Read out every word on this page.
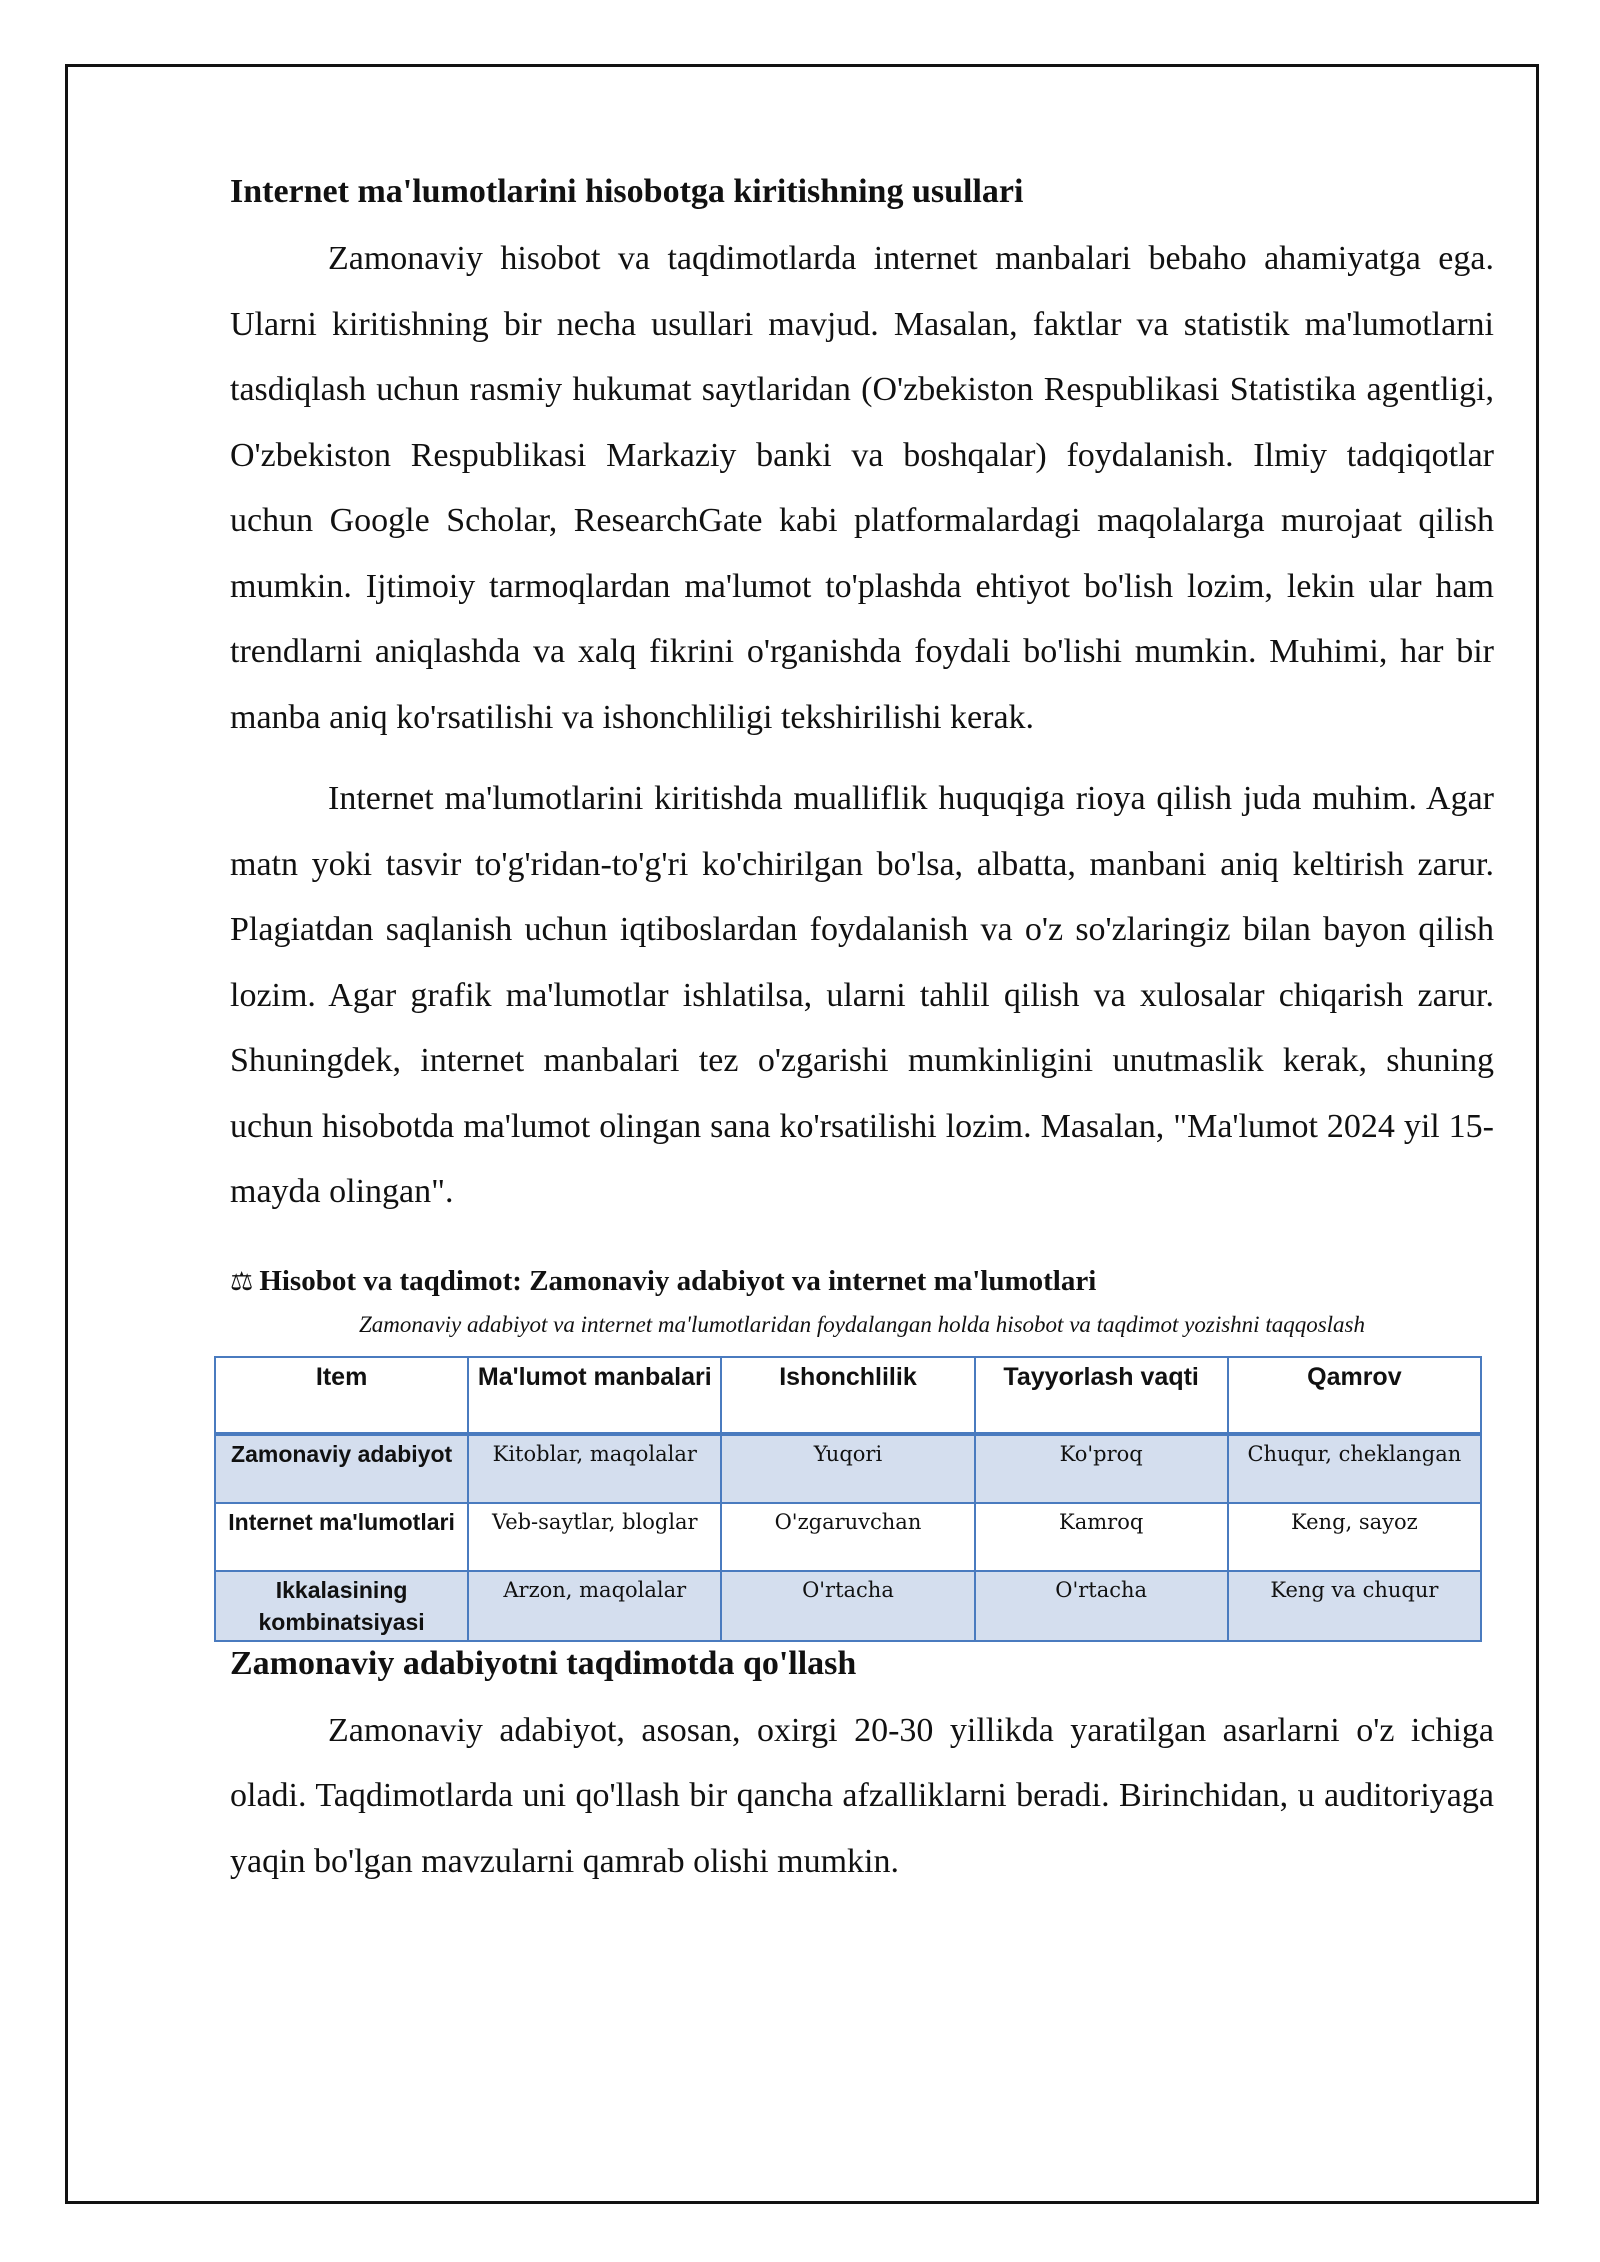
Internet ma'lumotlarini hisobotga kiritishning usullari

Zamonaviy hisobot va taqdimotlarda internet manbalari bebaho ahamiyatga ega. Ularni kiritishning bir necha usullari mavjud. Masalan, faktlar va statistik ma'lumotlarni tasdiqlash uchun rasmiy hukumat saytlaridan (O'zbekiston Respublikasi Statistika agentligi, O'zbekiston Respublikasi Markaziy banki va boshqalar) foydalanish. Ilmiy tadqiqotlar uchun Google Scholar, ResearchGate kabi platformalardagi maqolalarga murojaat qilish mumkin. Ijtimoiy tarmoqlardan ma'lumot to'plashda ehtiyot bo'lish lozim, lekin ular ham trendlarni aniqlashda va xalq fikrini o'rganishda foydali bo'lishi mumkin. Muhimi, har bir manba aniq ko'rsatilishi va ishonchliligi tekshirilishi kerak.

Internet ma'lumotlarini kiritishda mualliflik huquqiga rioya qilish juda muhim. Agar matn yoki tasvir to'g'ridan-to'g'ri ko'chirilgan bo'lsa, albatta, manbani aniq keltirish zarur. Plagiatdan saqlanish uchun iqtiboslardan foydalanish va o'z so'zlaringiz bilan bayon qilish lozim. Agar grafik ma'lumotlar ishlatilsa, ularni tahlil qilish va xulosalar chiqarish zarur. Shuningdek, internet manbalari tez o'zgarishi mumkinligini unutmaslik kerak, shuning uchun hisobotda ma'lumot olingan sana ko'rsatilishi lozim. Masalan, "Ma'lumot 2024 yil 15-mayda olingan".

⚖ Hisobot va taqdimot: Zamonaviy adabiyot va internet ma'lumotlari
Zamonaviy adabiyot va internet ma'lumotlaridan foydalangan holda hisobot va taqdimot yozishni taqqoslash
Item	Ma'lumot manbalari	Ishonchlilik	Tayyorlash vaqti	Qamrov
Zamonaviy adabiyot	Kitoblar, maqolalar	Yuqori	Ko'proq	Chuqur, cheklangan
Internet ma'lumotlari	Veb-saytlar, bloglar	O'zgaruvchan	Kamroq	Keng, sayoz
Ikkalasining kombinatsiyasi	Arzon, maqolalar	O'rtacha	O'rtacha	Keng va chuqur
Zamonaviy adabiyotni taqdimotda qo'llash

Zamonaviy adabiyot, asosan, oxirgi 20-30 yillikda yaratilgan asarlarni o'z ichiga oladi. Taqdimotlarda uni qo'llash bir qancha afzalliklarni beradi. Birinchidan, u auditoriyaga yaqin bo'lgan mavzularni qamrab olishi mumkin.
